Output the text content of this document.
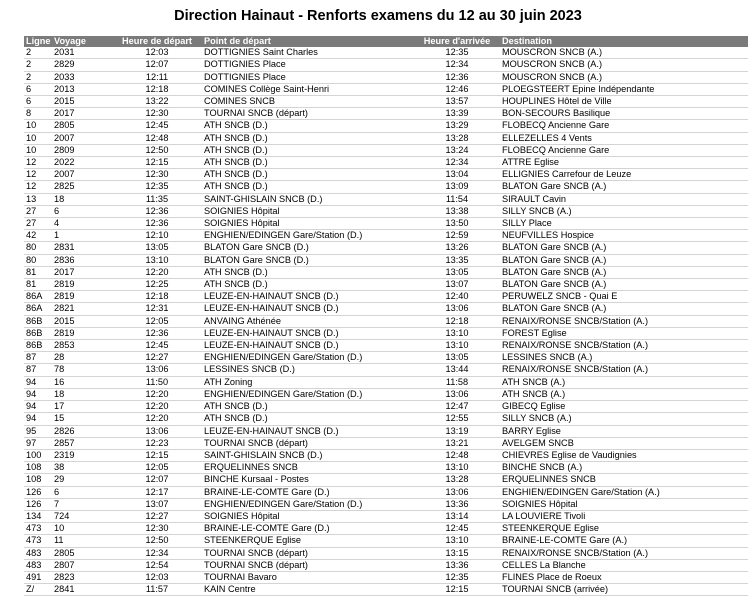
Direction Hainaut - Renforts examens du 12 au 30 juin 2023
Ligne	Voyage	Heure de départ	Point de départ	Heure d'arrivée	Destination
2	2031	12:03	DOTTIGNIES Saint Charles	12:35	MOUSCRON SNCB (A.)
2	2829	12:07	DOTTIGNIES Place	12:34	MOUSCRON SNCB (A.)
2	2033	12:11	DOTTIGNIES Place	12:36	MOUSCRON SNCB (A.)
6	2013	12:18	COMINES Collège Saint-Henri	12:46	PLOEGSTEERT Epine Indépendante
6	2015	13:22	COMINES SNCB	13:57	HOUPLINES Hôtel de Ville
8	2017	12:30	TOURNAI SNCB (départ)	13:39	BON-SECOURS Basilique
10	2805	12:45	ATH SNCB (D.)	13:29	FLOBECQ Ancienne Gare
10	2007	12:48	ATH SNCB (D.)	13:28	ELLEZELLES 4 Vents
10	2809	12:50	ATH SNCB (D.)	13:24	FLOBECQ Ancienne Gare
12	2022	12:15	ATH SNCB (D.)	12:34	ATTRE Eglise
12	2007	12:30	ATH SNCB (D.)	13:04	ELLIGNIES Carrefour de Leuze
12	2825	12:35	ATH SNCB (D.)	13:09	BLATON Gare SNCB (A.)
13	18	11:35	SAINT-GHISLAIN SNCB (D.)	11:54	SIRAULT Cavin
27	6	12:36	SOIGNIES Hôpital	13:38	SILLY SNCB (A.)
27	4	12:36	SOIGNIES Hôpital	13:50	SILLY Place
42	1	12:10	ENGHIEN/EDINGEN Gare/Station (D.)	12:59	NEUFVILLES Hospice
80	2831	13:05	BLATON Gare SNCB (D.)	13:26	BLATON Gare SNCB (A.)
80	2836	13:10	BLATON Gare SNCB (D.)	13:35	BLATON Gare SNCB (A.)
81	2017	12:20	ATH SNCB (D.)	13:05	BLATON Gare SNCB (A.)
81	2819	12:25	ATH SNCB (D.)	13:07	BLATON Gare SNCB (A.)
86A	2819	12:18	LEUZE-EN-HAINAUT SNCB (D.)	12:40	PERUWELZ SNCB - Quai E
86A	2821	12:31	LEUZE-EN-HAINAUT SNCB (D.)	13:06	BLATON Gare SNCB (A.)
86B	2015	12:05	ANVAING Athénée	12:18	RENAIX/RONSE SNCB/Station (A.)
86B	2819	12:36	LEUZE-EN-HAINAUT SNCB (D.)	13:10	FOREST Eglise
86B	2853	12:45	LEUZE-EN-HAINAUT SNCB (D.)	13:10	RENAIX/RONSE SNCB/Station (A.)
87	28	12:27	ENGHIEN/EDINGEN Gare/Station (D.)	13:05	LESSINES SNCB (A.)
87	78	13:06	LESSINES SNCB (D.)	13:44	RENAIX/RONSE SNCB/Station (A.)
94	16	11:50	ATH Zoning	11:58	ATH SNCB (A.)
94	18	12:20	ENGHIEN/EDINGEN Gare/Station (D.)	13:06	ATH SNCB (A.)
94	17	12:20	ATH SNCB (D.)	12:47	GIBECQ Eglise
94	15	12:20	ATH SNCB (D.)	12:55	SILLY SNCB (A.)
95	2826	13:06	LEUZE-EN-HAINAUT SNCB (D.)	13:19	BARRY Eglise
97	2857	12:23	TOURNAI SNCB (départ)	13:21	AVELGEM SNCB
100	2319	12:15	SAINT-GHISLAIN SNCB (D.)	12:48	CHIEVRES Eglise de Vaudignies
108	38	12:05	ERQUELINNES SNCB	13:10	BINCHE SNCB (A.)
108	29	12:07	BINCHE Kursaal - Postes	13:28	ERQUELINNES SNCB
126	6	12:17	BRAINE-LE-COMTE Gare (D.)	13:06	ENGHIEN/EDINGEN Gare/Station (A.)
126	7	13:07	ENGHIEN/EDINGEN Gare/Station (D.)	13:36	SOIGNIES Hôpital
134	724	12:27	SOIGNIES Hôpital	13:14	LA LOUVIERE Tivoli
473	10	12:30	BRAINE-LE-COMTE Gare (D.)	12:45	STEENKERQUE Eglise
473	11	12:50	STEENKERQUE Eglise	13:10	BRAINE-LE-COMTE Gare (A.)
483	2805	12:34	TOURNAI SNCB (départ)	13:15	RENAIX/RONSE SNCB/Station (A.)
483	2807	12:54	TOURNAI SNCB (départ)	13:36	CELLES La Blanche
491	2823	12:03	TOURNAI Bavaro	12:35	FLINES Place de Roeux
Z/	2841	11:57	KAIN Centre	12:15	TOURNAI SNCB (arrivée)
